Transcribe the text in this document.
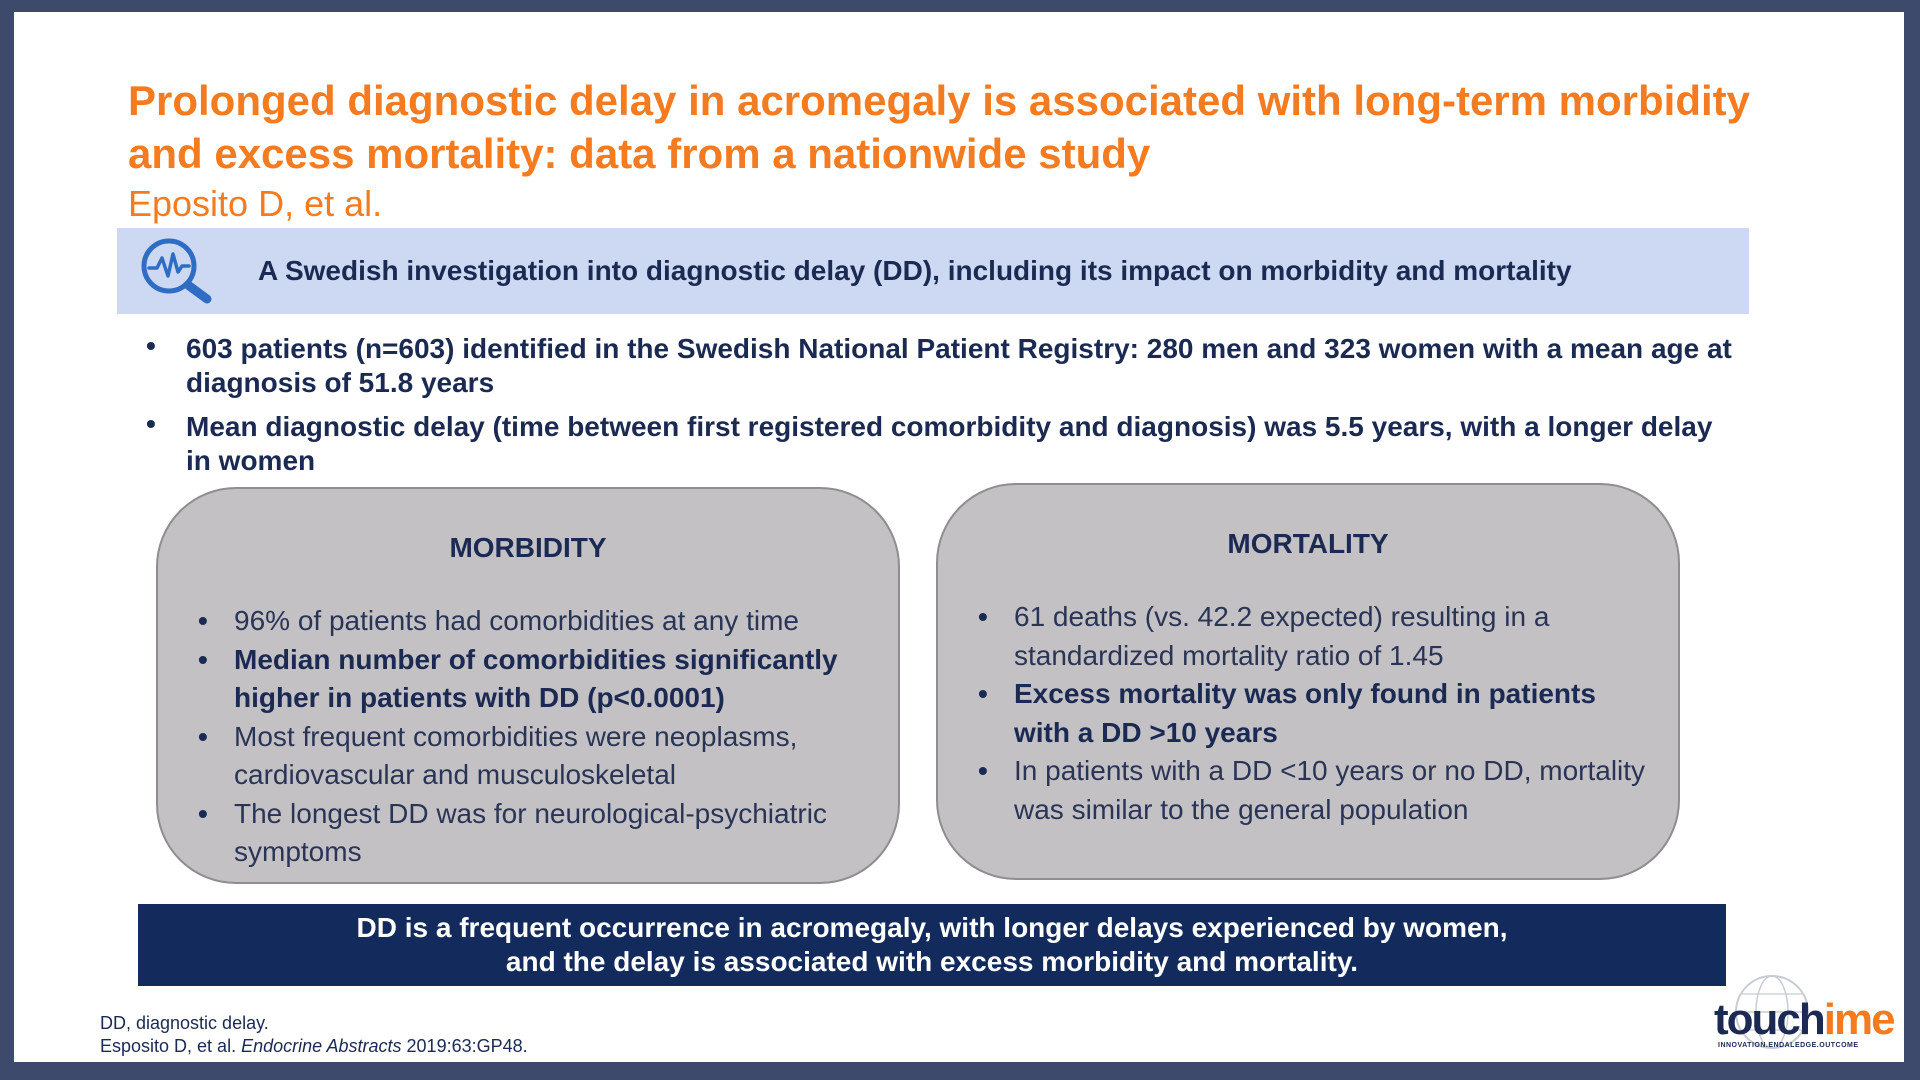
Prolonged diagnostic delay in acromegaly is associated with long-term morbidity
and excess mortality: data from a nationwide study
Eposito D, et al.
A Swedish investigation into diagnostic delay (DD), including its impact on morbidity and mortality
• 603 patients (n=603) identified in the Swedish National Patient Registry: 280 men and 323 women with a mean age at diagnosis of 51.8 years
• Mean diagnostic delay (time between first registered comorbidity and diagnosis) was 5.5 years, with a longer delay in women
MORBIDITY
• 96% of patients had comorbidities at any time
• Median number of comorbidities significantly higher in patients with DD (p<0.0001)
• Most frequent comorbidities were neoplasms, cardiovascular and musculoskeletal
• The longest DD was for neurological-psychiatric symptoms
MORTALITY
• 61 deaths (vs. 42.2 expected) resulting in a standardized mortality ratio of 1.45
• Excess mortality was only found in patients with a DD >10 years
• In patients with a DD <10 years or no DD, mortality was similar to the general population
DD is a frequent occurrence in acromegaly, with longer delays experienced by women,
and the delay is associated with excess morbidity and mortality.
DD, diagnostic delay.
Esposito D, et al. Endocrine Abstracts 2019:63:GP48.
touchime
INNOVATION.ENDALEDGE.OUTCOME
